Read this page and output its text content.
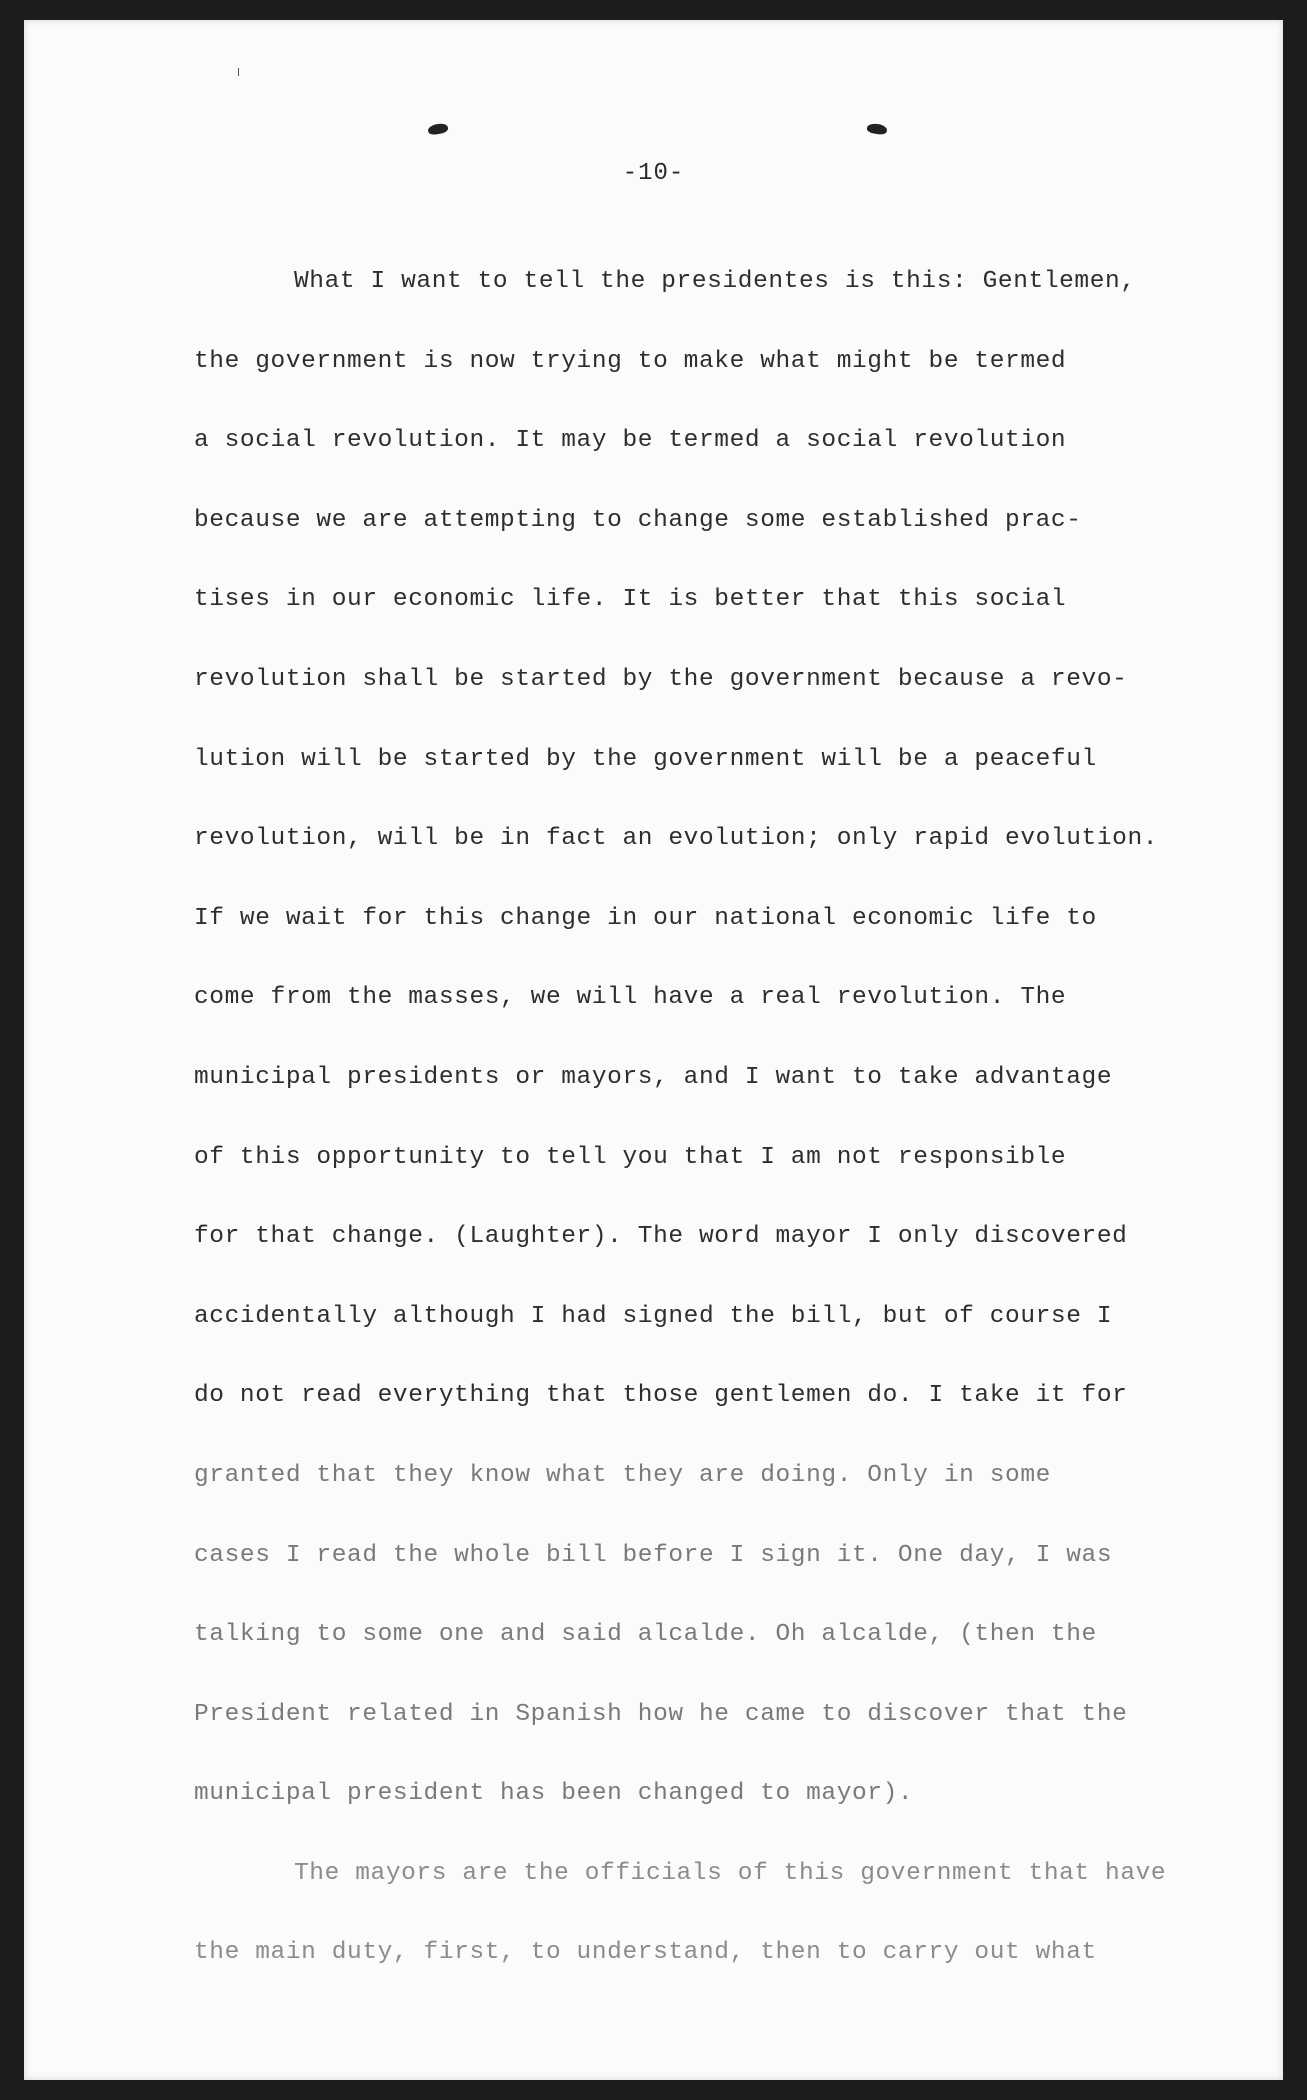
-10-
What I want to tell the presidentes is this: Gentlemen,
the government is now trying to make what might be termed
a social revolution. It may be termed a social revolution
because we are attempting to change some established prac-
tises in our economic life. It is better that this social
revolution shall be started by the government because a revo-
lution will be started by the government will be a peaceful
revolution, will be in fact an evolution; only rapid evolution.
If we wait for this change in our national economic life to
come from the masses, we will have a real revolution. The
municipal presidents or mayors, and I want to take advantage
of this opportunity to tell you that I am not responsible
for that change. (Laughter). The word mayor I only discovered
accidentally although I had signed the bill, but of course I
do not read everything that those gentlemen do. I take it for
granted that they know what they are doing. Only in some
cases I read the whole bill before I sign it. One day, I was
talking to some one and said alcalde. Oh alcalde, (then the
President related in Spanish how he came to discover that the
municipal president has been changed to mayor).
The mayors are the officials of this government that have
the main duty, first, to understand, then to carry out what
